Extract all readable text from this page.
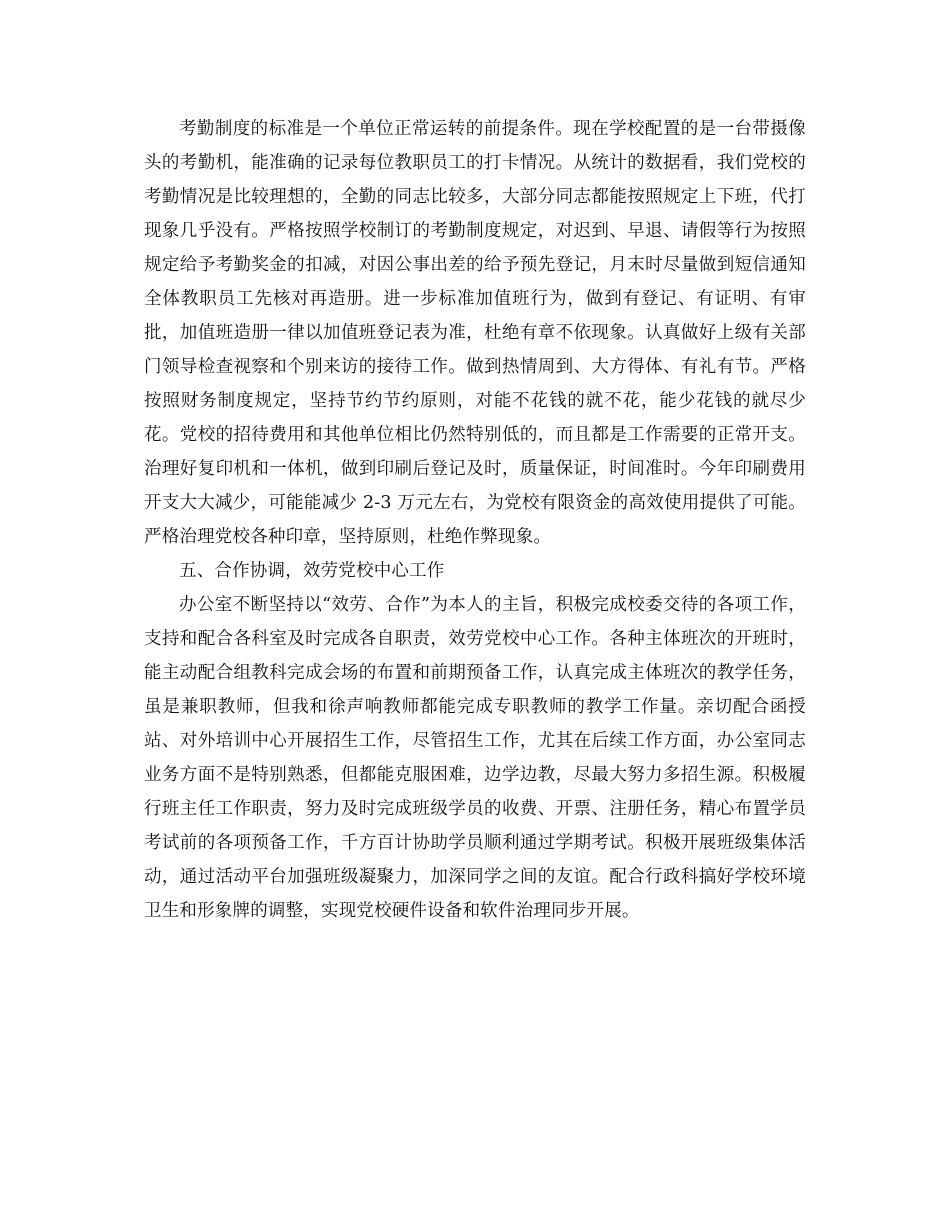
考勤制度的标准是一个单位正常运转的前提条件。现在学校配置的是一台带摄像头的考勤机，能准确的记录每位教职员工的打卡情况。从统计的数据看，我们党校的考勤情况是比较理想的，全勤的同志比较多，大部分同志都能按照规定上下班，代打现象几乎没有。严格按照学校制订的考勤制度规定，对迟到、早退、请假等行为按照规定给予考勤奖金的扣减，对因公事出差的给予预先登记，月末时尽量做到短信通知全体教职员工先核对再造册。进一步标准加值班行为，做到有登记、有证明、有审批，加值班造册一律以加值班登记表为准，杜绝有章不依现象。认真做好上级有关部门领导检查视察和个别来访的接待工作。做到热情周到、大方得体、有礼有节。严格按照财务制度规定，坚持节约节约原则，对能不花钱的就不花，能少花钱的就尽少花。党校的招待费用和其他单位相比仍然特别低的，而且都是工作需要的正常开支。治理好复印机和一体机，做到印刷后登记及时，质量保证，时间准时。今年印刷费用开支大大减少，可能能减少 2-3 万元左右，为党校有限资金的高效使用提供了可能。严格治理党校各种印章，坚持原则，杜绝作弊现象。

五、合作协调，效劳党校中心工作

办公室不断坚持以“效劳、合作”为本人的主旨，积极完成校委交待的各项工作，支持和配合各科室及时完成各自职责，效劳党校中心工作。各种主体班次的开班时，能主动配合组教科完成会场的布置和前期预备工作，认真完成主体班次的教学任务，虽是兼职教师，但我和徐声响教师都能完成专职教师的教学工作量。亲切配合函授站、对外培训中心开展招生工作，尽管招生工作，尤其在后续工作方面，办公室同志业务方面不是特别熟悉，但都能克服困难，边学边教，尽最大努力多招生源。积极履行班主任工作职责，努力及时完成班级学员的收费、开票、注册任务，精心布置学员考试前的各项预备工作，千方百计协助学员顺利通过学期考试。积极开展班级集体活动，通过活动平台加强班级凝聚力，加深同学之间的友谊。配合行政科搞好学校环境卫生和形象牌的调整，实现党校硬件设备和软件治理同步开展。
